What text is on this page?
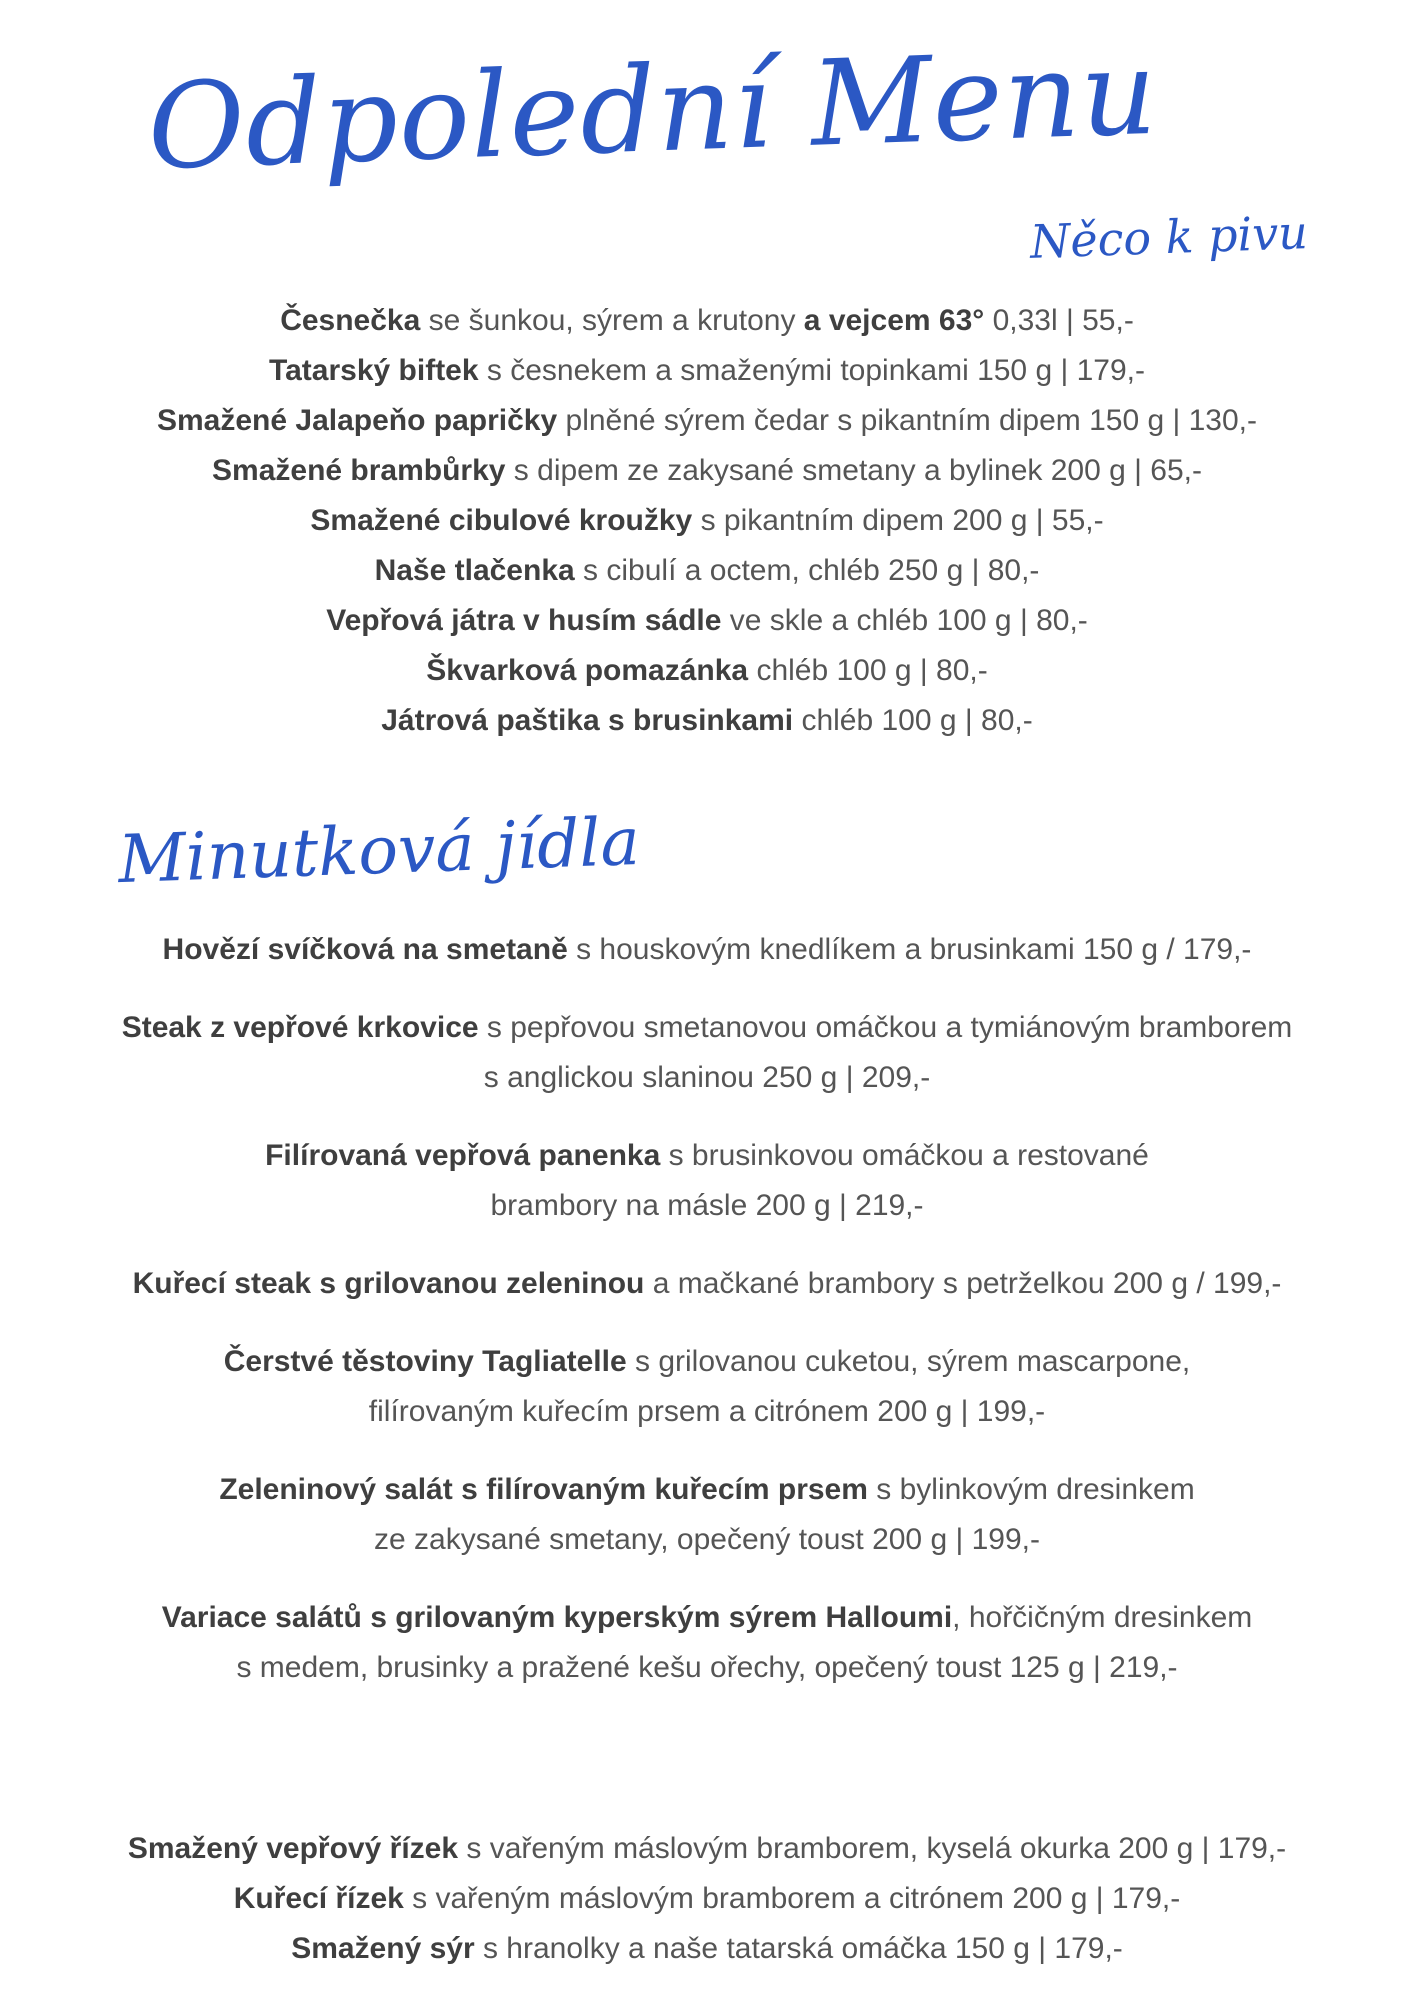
Odpolední Menu
Něco k pivu
Česnečka se šunkou, sýrem a krutony a vejcem 63° 0,33l | 55,-
Tatarský biftek s česnekem a smaženými topinkami 150 g | 179,-
Smažené Jalapeňo papričky plněné sýrem čedar s pikantním dipem 150 g | 130,-
Smažené brambůrky s dipem ze zakysané smetany a bylinek 200 g | 65,-
Smažené cibulové kroužky s pikantním dipem 200 g | 55,-
Naše tlačenka s cibulí a octem, chléb 250 g | 80,-
Vepřová játra v husím sádle ve skle a chléb 100 g | 80,-
Škvarková pomazánka chléb 100 g | 80,-
Játrová paštika s brusinkami chléb 100 g | 80,-
Minutková jídla
Hovězí svíčková na smetaně s houskovým knedlíkem a brusinkami 150 g / 179,-
Steak z vepřové krkovice s pepřovou smetanovou omáčkou a tymiánovým bramborem
s anglickou slaninou 250 g | 209,-
Filírovaná vepřová panenka s brusinkovou omáčkou a restované
brambory na másle 200 g | 219,-
Kuřecí steak s grilovanou zeleninou a mačkané brambory s petrželkou 200 g / 199,-
Čerstvé těstoviny Tagliatelle s grilovanou cuketou, sýrem mascarpone,
filírovaným kuřecím prsem a citrónem 200 g | 199,-
Zeleninový salát s filírovaným kuřecím prsem s bylinkovým dresinkem
ze zakysané smetany, opečený toust 200 g | 199,-
Variace salátů s grilovaným kyperským sýrem Halloumi, hořčičným dresinkem
s medem, brusinky a pražené kešu ořechy, opečený toust 125 g | 219,-
Smažený vepřový řízek s vařeným máslovým bramborem, kyselá okurka 200 g | 179,-
Kuřecí řízek s vařeným máslovým bramborem a citrónem 200 g | 179,-
Smažený sýr s hranolky a naše tatarská omáčka 150 g | 179,-
